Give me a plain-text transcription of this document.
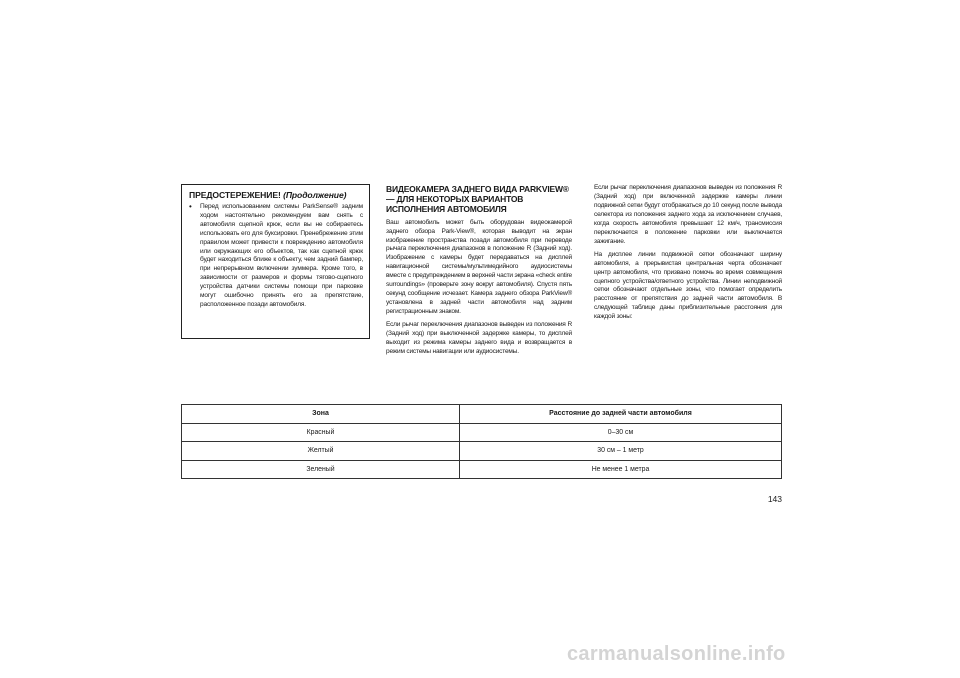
ПРЕДОСТЕРЕЖЕНИЕ! (Продолжение)
•	Перед использованием системы ParkSense® задним ходом настоятельно рекомендуем вам снять с автомобиля сцепной крюк, если вы не собираетесь использовать его для буксировки. Пренебрежение этим правилом может привести к повреждению автомобиля или окружающих его объектов, так как сцепной крюк будет находиться ближе к объекту, чем задний бампер, при непрерывном включении зуммера. Кроме того, в зависимости от размеров и формы тягово-сцепного устройства датчики системы помощи при парковке могут ошибочно принять его за препятствие, расположенное позади автомобиля.
ВИДЕОКАМЕРА ЗАДНЕГО ВИДА PARKVIEW® — ДЛЯ НЕКОТОРЫХ ВАРИАНТОВ ИСПОЛНЕНИЯ АВТОМОБИЛЯ

Ваш автомобиль может быть оборудован видеокамерой заднего обзора Park-View®, которая выводит на экран изображение пространства позади автомобиля при переводе рычага переключения диапазонов в положение R (Задний ход). Изображение с камеры будет передаваться на дисплей навигационной системы/мультимедийного аудиосистемы вместе с предупреждением в верхней части экрана «check entire surroundings» (проверьте зону вокруг автомобиля). Спустя пять секунд сообщение исчезает. Камера заднего обзора ParkView® установлена в задней части автомобиля над задним регистрационным знаком.

Если рычаг переключения диапазонов выведен из положения R (Задний ход) при выключенной задержке камеры, то дисплей выходит из режима камеры заднего вида и возвращается в режим системы навигации или аудиосистемы.

Если рычаг переключения диапазонов выведен из положения R (Задний ход) при включенной задержке камеры линии подвижной сетки будут отображаться до 10 секунд после вывода селектора из положения заднего хода за исключением случаев, когда скорость автомобиля превышает 12 км/ч, трансмиссия переключается в положение парковки или выключается зажигание.

На дисплее линии подвижной сетки обозначают ширину автомобиля, а прерывистая центральная черта обозначает центр автомобиля, что призвано помочь во время совмещения сцепного устройства/ответного устройства. Линии неподвижной сетки обозначают отдельные зоны, что помогает определить расстояние от препятствия до задней части автомобиля. В следующей таблице даны приблизительные расстояния для каждой зоны:

Зона	Расстояние до задней части автомобиля
Красный	0–30 см
Желтый	30 см – 1 метр
Зеленый	Не менее 1 метра
143
carmanualsonline.info
